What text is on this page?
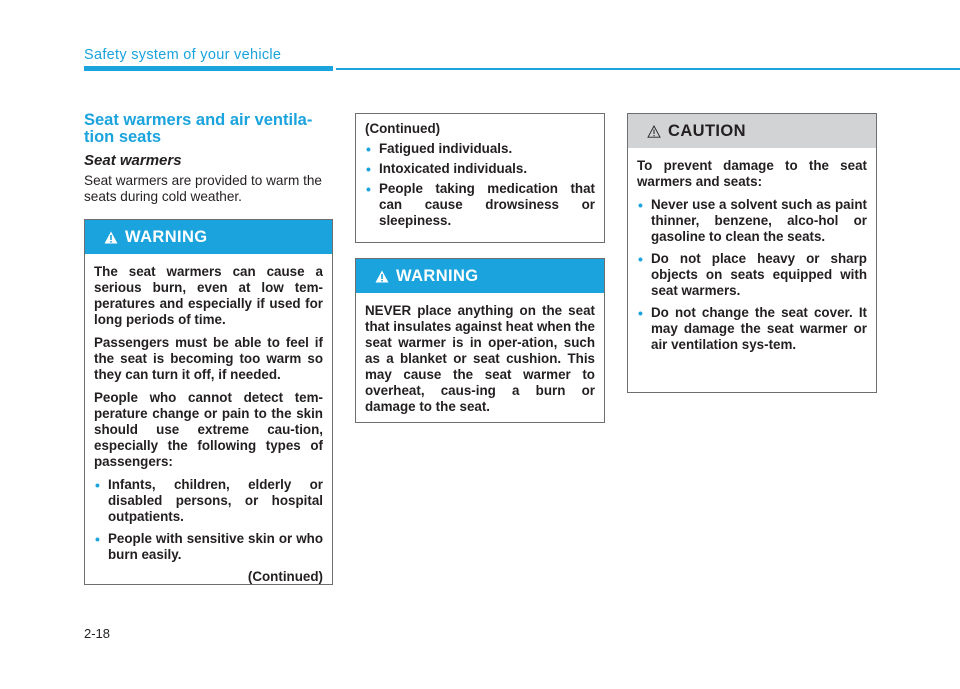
Safety system of your vehicle
Seat warmers and air ventila-tion seats
Seat warmers
Seat warmers are provided to warm the seats during cold weather.
WARNING

The seat warmers can cause a serious burn, even at low tem-peratures and especially if used for long periods of time.

Passengers must be able to feel if the seat is becoming too warm so they can turn it off, if needed.

People who cannot detect tem-perature change or pain to the skin should use extreme cau-tion, especially the following types of passengers:

• Infants, children, elderly or disabled persons, or hospital outpatients.
• People with sensitive skin or who burn easily.
(Continued)

(Continued)

• Fatigued individuals.
• Intoxicated individuals.
• People taking medication that can cause drowsiness or sleepiness.
WARNING

NEVER place anything on the seat that insulates against heat when the seat warmer is in oper-ation, such as a blanket or seat cushion. This may cause the seat warmer to overheat, caus-ing a burn or damage to the seat.

CAUTION

To prevent damage to the seat warmers and seats:

• Never use a solvent such as paint thinner, benzene, alco-hol or gasoline to clean the seats.
• Do not place heavy or sharp objects on seats equipped with seat warmers.
• Do not change the seat cover. It may damage the seat warmer or air ventilation sys-tem.
2-18
